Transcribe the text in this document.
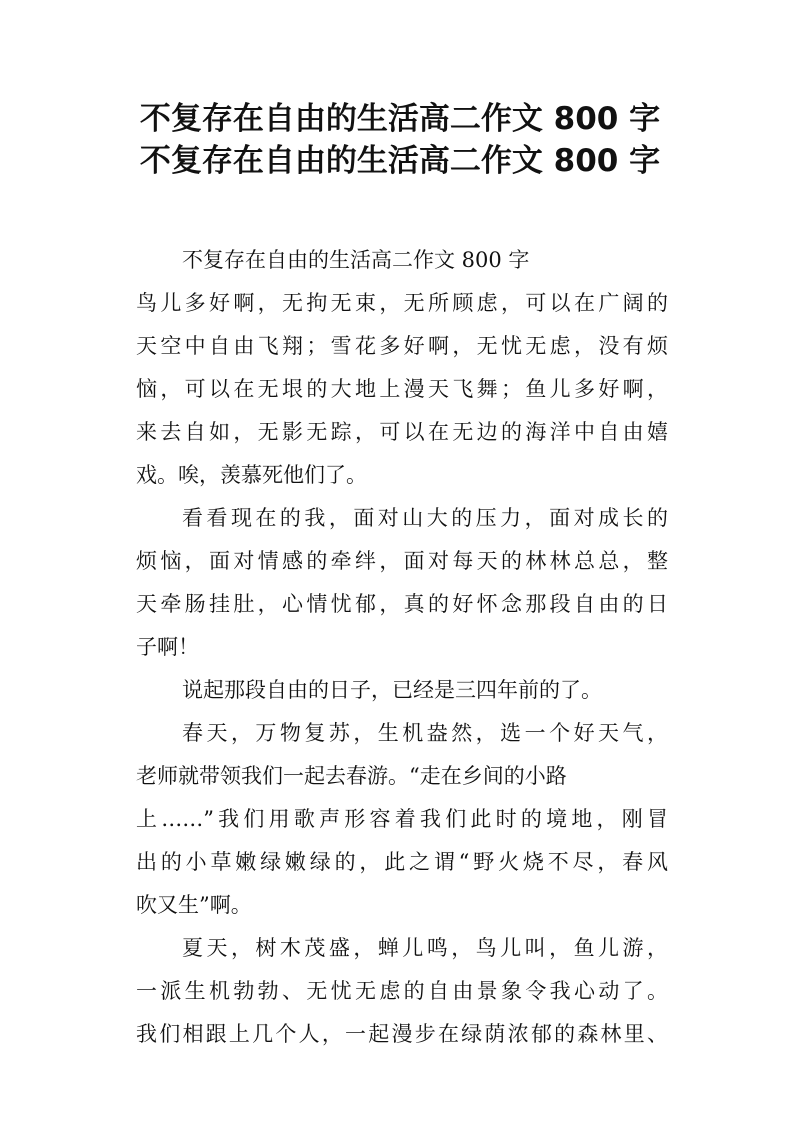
不复存在自由的生活高二作文 800 字
不复存在自由的生活高二作文 800 字
不复存在自由的生活高二作文 800 字
鸟儿多好啊，无拘无束，无所顾虑，可以在广阔的
天空中自由飞翔；雪花多好啊，无忧无虑，没有烦
恼，可以在无垠的大地上漫天飞舞；鱼儿多好啊，
来去自如，无影无踪，可以在无边的海洋中自由嬉
戏。唉，羡慕死他们了。
看看现在的我，面对山大的压力，面对成长的
烦恼，面对情感的牵绊，面对每天的林林总总，整
天牵肠挂肚，心情忧郁，真的好怀念那段自由的日
子啊！
说起那段自由的日子，已经是三四年前的了。
春天，万物复苏，生机盎然，选一个好天气，
老师就带领我们一起去春游。“走在乡间的小路
上……”我们用歌声形容着我们此时的境地，刚冒
出的小草嫩绿嫩绿的，此之谓“野火烧不尽，春风
吹又生”啊。
夏天，树木茂盛，蝉儿鸣，鸟儿叫，鱼儿游，
一派生机勃勃、无忧无虑的自由景象令我心动了。
我们相跟上几个人，一起漫步在绿荫浓郁的森林里、
